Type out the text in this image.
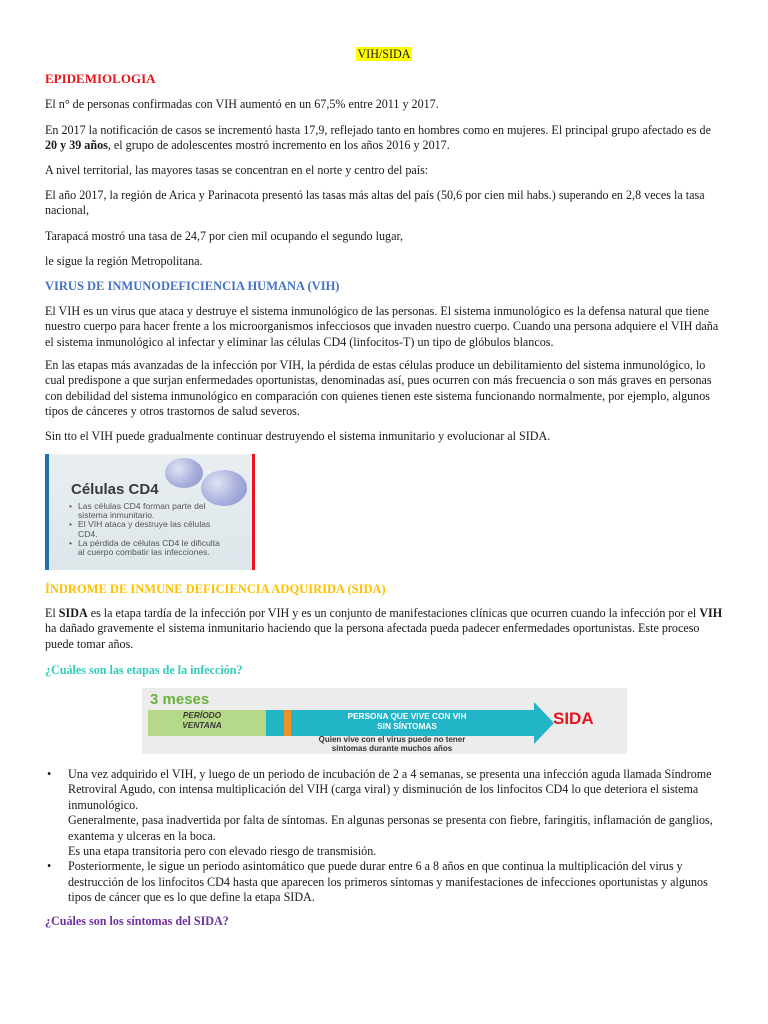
VIH/SIDA

EPIDEMIOLOGIA

El n° de personas confirmadas con VIH aumentó en un 67,5% entre 2011 y 2017.

En 2017 la notificación de casos se incrementó hasta 17,9, reflejado tanto en hombres como en mujeres. El principal grupo afectado es de 20 y 39 años, el grupo de adolescentes mostró incremento en los años 2016 y 2017.

A nivel territorial, las mayores tasas se concentran en el norte y centro del país:

El año 2017, la región de Arica y Parinacota presentó las tasas más altas del país (50,6 por cien mil habs.) superando en 2,8 veces la tasa nacional,

Tarapacá mostró una tasa de 24,7 por cien mil ocupando el segundo lugar,

le sigue la región Metropolitana.

VIRUS DE INMUNODEFICIENCIA HUMANA (VIH)

El VIH es un virus que ataca y destruye el sistema inmunológico de las personas. El sistema inmunológico es la defensa natural que tiene nuestro cuerpo para hacer frente a los microorganismos infecciosos que invaden nuestro cuerpo. Cuando una persona adquiere el VIH daña el sistema inmunológico al infectar y eliminar las células CD4 (linfocitos-T) un tipo de glóbulos blancos.

En las etapas más avanzadas de la infección por VIH, la pérdida de estas células produce un debilitamiento del sistema inmunológico, lo cual predispone a que surjan enfermedades oportunistas, denominadas así, pues ocurren con más frecuencia o son más graves en personas con debilidad del sistema inmunológico en comparación con quienes tienen este sistema funcionando normalmente, por ejemplo, algunos tipos de cánceres y otros trastornos de salud severos.

Sin tto el VIH puede gradualmente continuar destruyendo el sistema inmunitario y evolucionar al SIDA.

Células CD4
• Las células CD4 forman parte del sistema inmunitario.
• El VIH ataca y destruye las células CD4.
• La pérdida de células CD4 le dificulta al cuerpo combatir las infecciones.

ÍNDROME DE INMUNE DEFICIENCIA ADQUIRIDA (SIDA)

El SIDA es la etapa tardía de la infección por VIH y es un conjunto de manifestaciones clínicas que ocurren cuando la infección por el VIH ha dañado gravemente el sistema inmunitario haciendo que la persona afectada pueda padecer enfermedades oportunistas. Este proceso puede tomar años.

¿Cuáles son las etapas de la infección?

3 meses
PERÍODO
VENTANA
PERSONA QUE VIVE CON VIH
SIN SÍNTOMAS
Quien vive con el virus puede no tener
síntomas durante muchos años
SIDA
• Una vez adquirido el VIH, y luego de un periodo de incubación de 2 a 4 semanas, se presenta una infección aguda llamada Síndrome Retroviral Agudo, con intensa multiplicación del VIH (carga viral) y disminución de los linfocitos CD4 lo que deteriora el sistema inmunológico.
Generalmente, pasa inadvertida por falta de síntomas. En algunas personas se presenta con fiebre, faringitis, inflamación de ganglios, exantema y ulceras en la boca.
Es una etapa transitoria pero con elevado riesgo de transmisión.
• Posteriormente, le sigue un periodo asintomático que puede durar entre 6 a 8 años en que continua la multiplicación del virus y destrucción de los linfocitos CD4 hasta que aparecen los primeros síntomas y manifestaciones de infecciones oportunistas y algunos tipos de cáncer que es lo que define la etapa SIDA.

¿Cuáles son los síntomas del SIDA?
